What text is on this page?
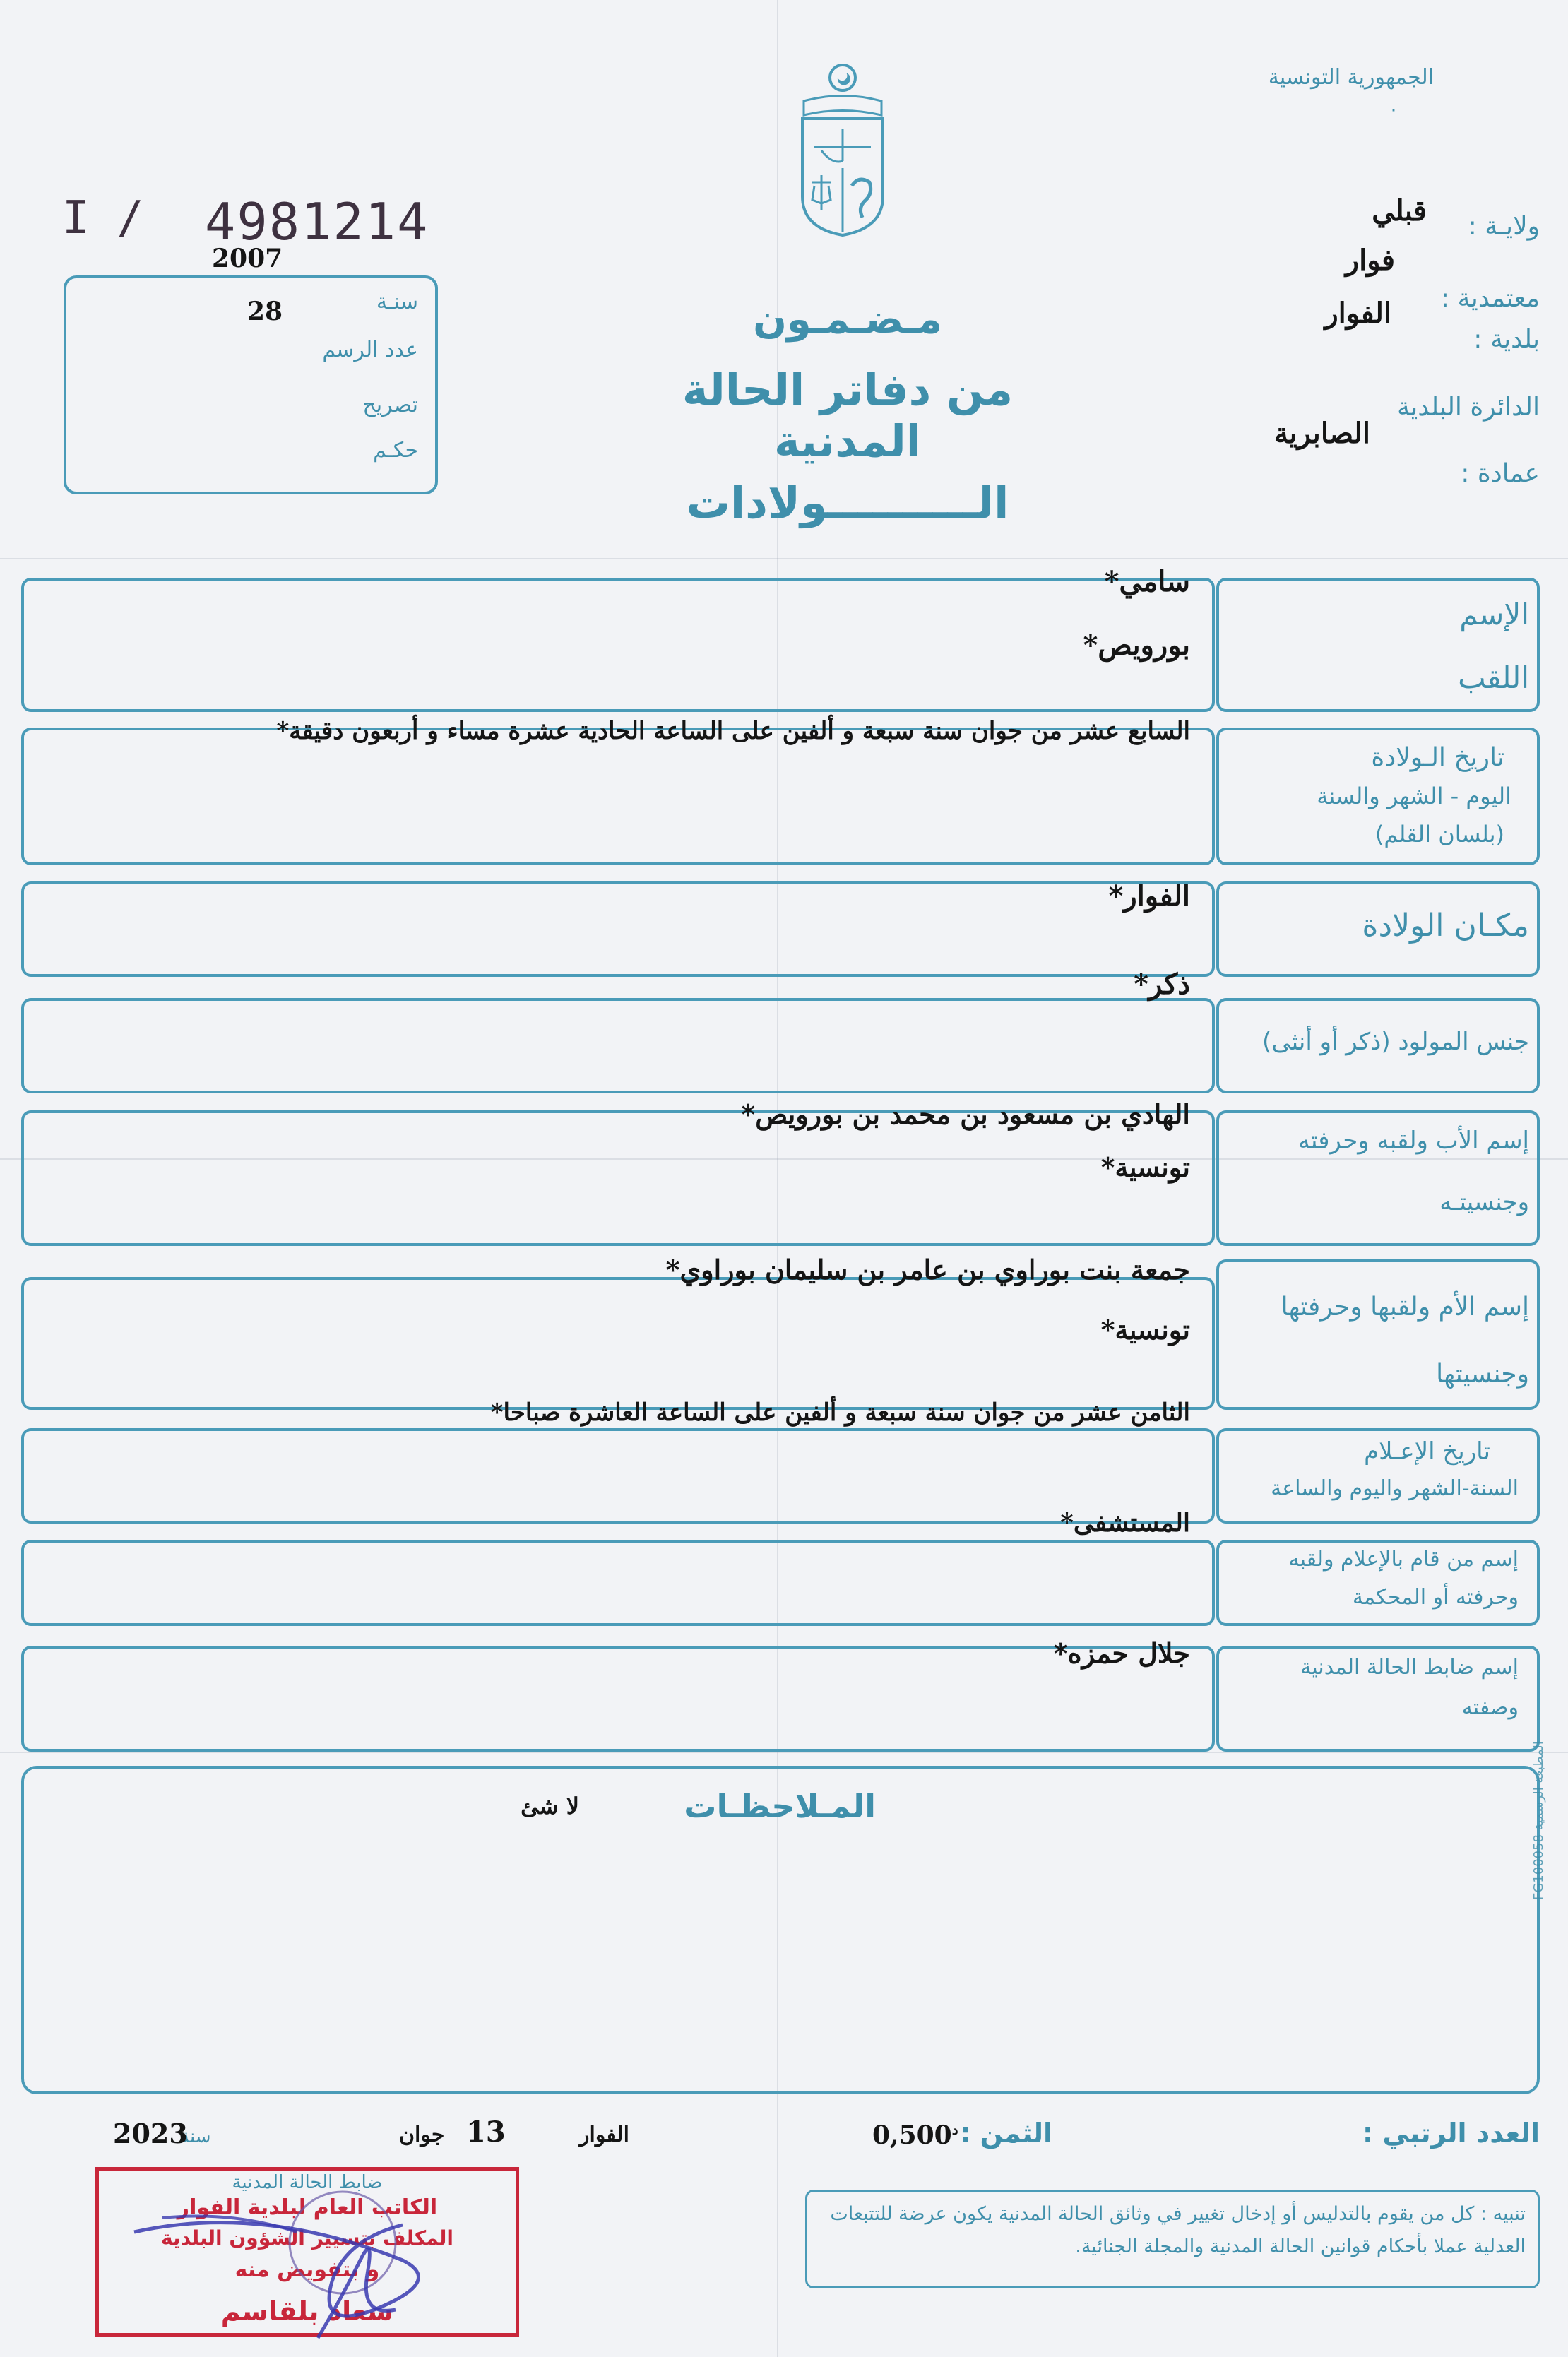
الجمهورية التونسية
۰
I / 4981214
2007
سنـة
28
عدد الرسم
تصريح
حكـم
ولايـة :
قبلي
فوار
معتمدية :
الفوار
بلدية :
الدائرة البلدية
الصابرية
عمادة :
مـضـمـون
من دفاتر الحالة المدنية
الــــــــــولادات
الإسم
اللقب
سامي*
بورويص*
تاريخ الـولادة
اليوم - الشهر والسنة
(بلسان القلم)
السابع عشر من جوان سنة سبعة و ألفين على الساعة الحادية عشرة مساء و أربعون دقيقة*
مكـان الولادة
الفوار*
جنس المولود (ذكر أو أنثى)
ذكر*
إسم الأب ولقبه وحرفته
وجنسيتـه
الهادي بن مسعود بن محمد بن بورويص*
تونسية*
إسم الأم ولقبها وحرفتها
وجنسيتها
جمعة بنت بوراوي بن عامر بن سليمان بوراوي*
تونسية*
تاريخ الإعـلام
السنة-الشهر واليوم والساعة
الثامن عشر من جوان سنة سبعة و ألفين على الساعة العاشرة صباحا*
إسم من قام بالإعلام ولقبه
وحرفته أو المحكمة
المستشفى*
إسم ضابط الحالة المدنية
وصفته
جلال حمزه*
المـلاحظـات
لا شئ
المطبعة الرسمية FG100058
العدد الرتبي :
الثمن :
$0,500^د$
الفوار
13
جوان
سنة
2023
تنبيه : كل من يقوم بالتدليس أو إدخال تغيير في وثائق الحالة المدنية يكون عرضة للتتبعات العدلية عملا بأحكام قوانين الحالة المدنية والمجلة الجنائية.
ضابط الحالة المدنية
الكاتب العام لبلدية الفوار
المكلف بتسيير الشؤون البلدية
و بتفويض منه
سعاد بلقاسم
